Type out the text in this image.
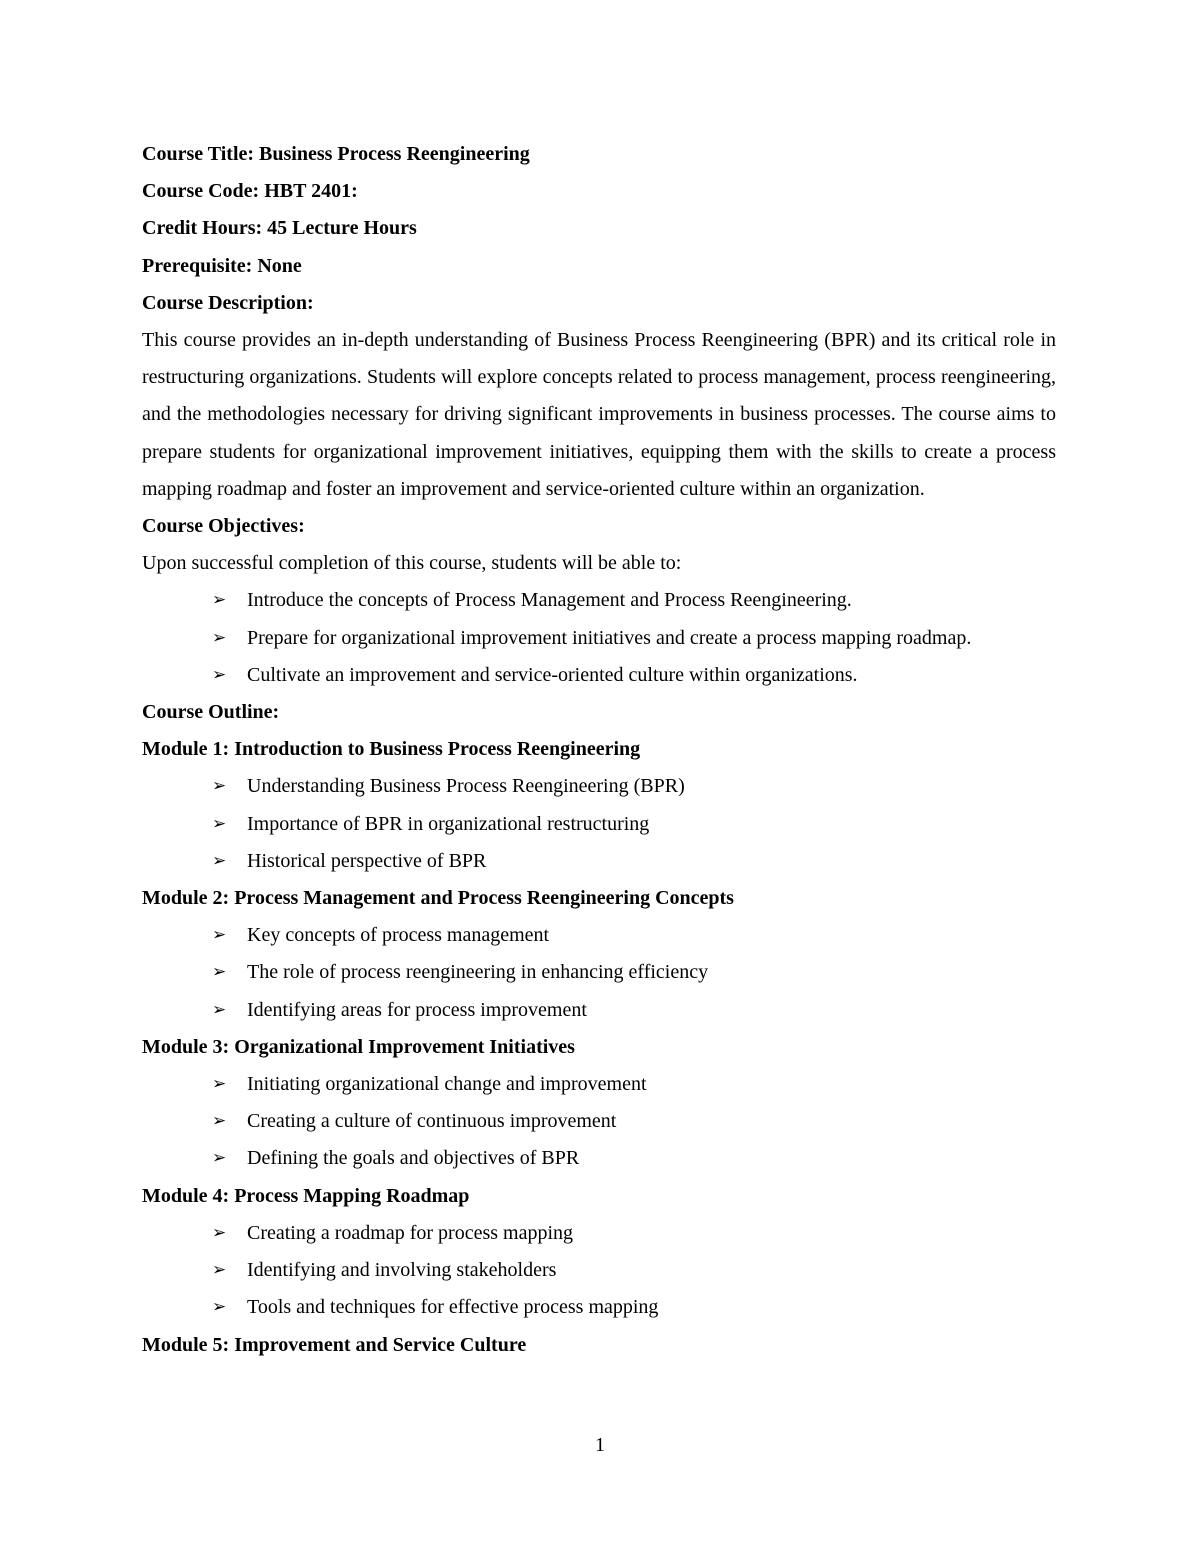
Course Title: Business Process Reengineering

Course Code: HBT 2401:

Credit Hours: 45 Lecture Hours

Prerequisite: None

Course Description:

This course provides an in-depth understanding of Business Process Reengineering (BPR) and its critical role in restructuring organizations. Students will explore concepts related to process management, process reengineering, and the methodologies necessary for driving significant improvements in business processes. The course aims to prepare students for organizational improvement initiatives, equipping them with the skills to create a process mapping roadmap and foster an improvement and service-oriented culture within an organization.

Course Objectives:

Upon successful completion of this course, students will be able to:

➢ Introduce the concepts of Process Management and Process Reengineering.
➢ Prepare for organizational improvement initiatives and create a process mapping roadmap.
➢ Cultivate an improvement and service-oriented culture within organizations.

Course Outline:

Module 1: Introduction to Business Process Reengineering

➢ Understanding Business Process Reengineering (BPR)
➢ Importance of BPR in organizational restructuring
➢ Historical perspective of BPR

Module 2: Process Management and Process Reengineering Concepts

➢ Key concepts of process management
➢ The role of process reengineering in enhancing efficiency
➢ Identifying areas for process improvement

Module 3: Organizational Improvement Initiatives

➢ Initiating organizational change and improvement
➢ Creating a culture of continuous improvement
➢ Defining the goals and objectives of BPR

Module 4: Process Mapping Roadmap

➢ Creating a roadmap for process mapping
➢ Identifying and involving stakeholders
➢ Tools and techniques for effective process mapping

Module 5: Improvement and Service Culture

1
